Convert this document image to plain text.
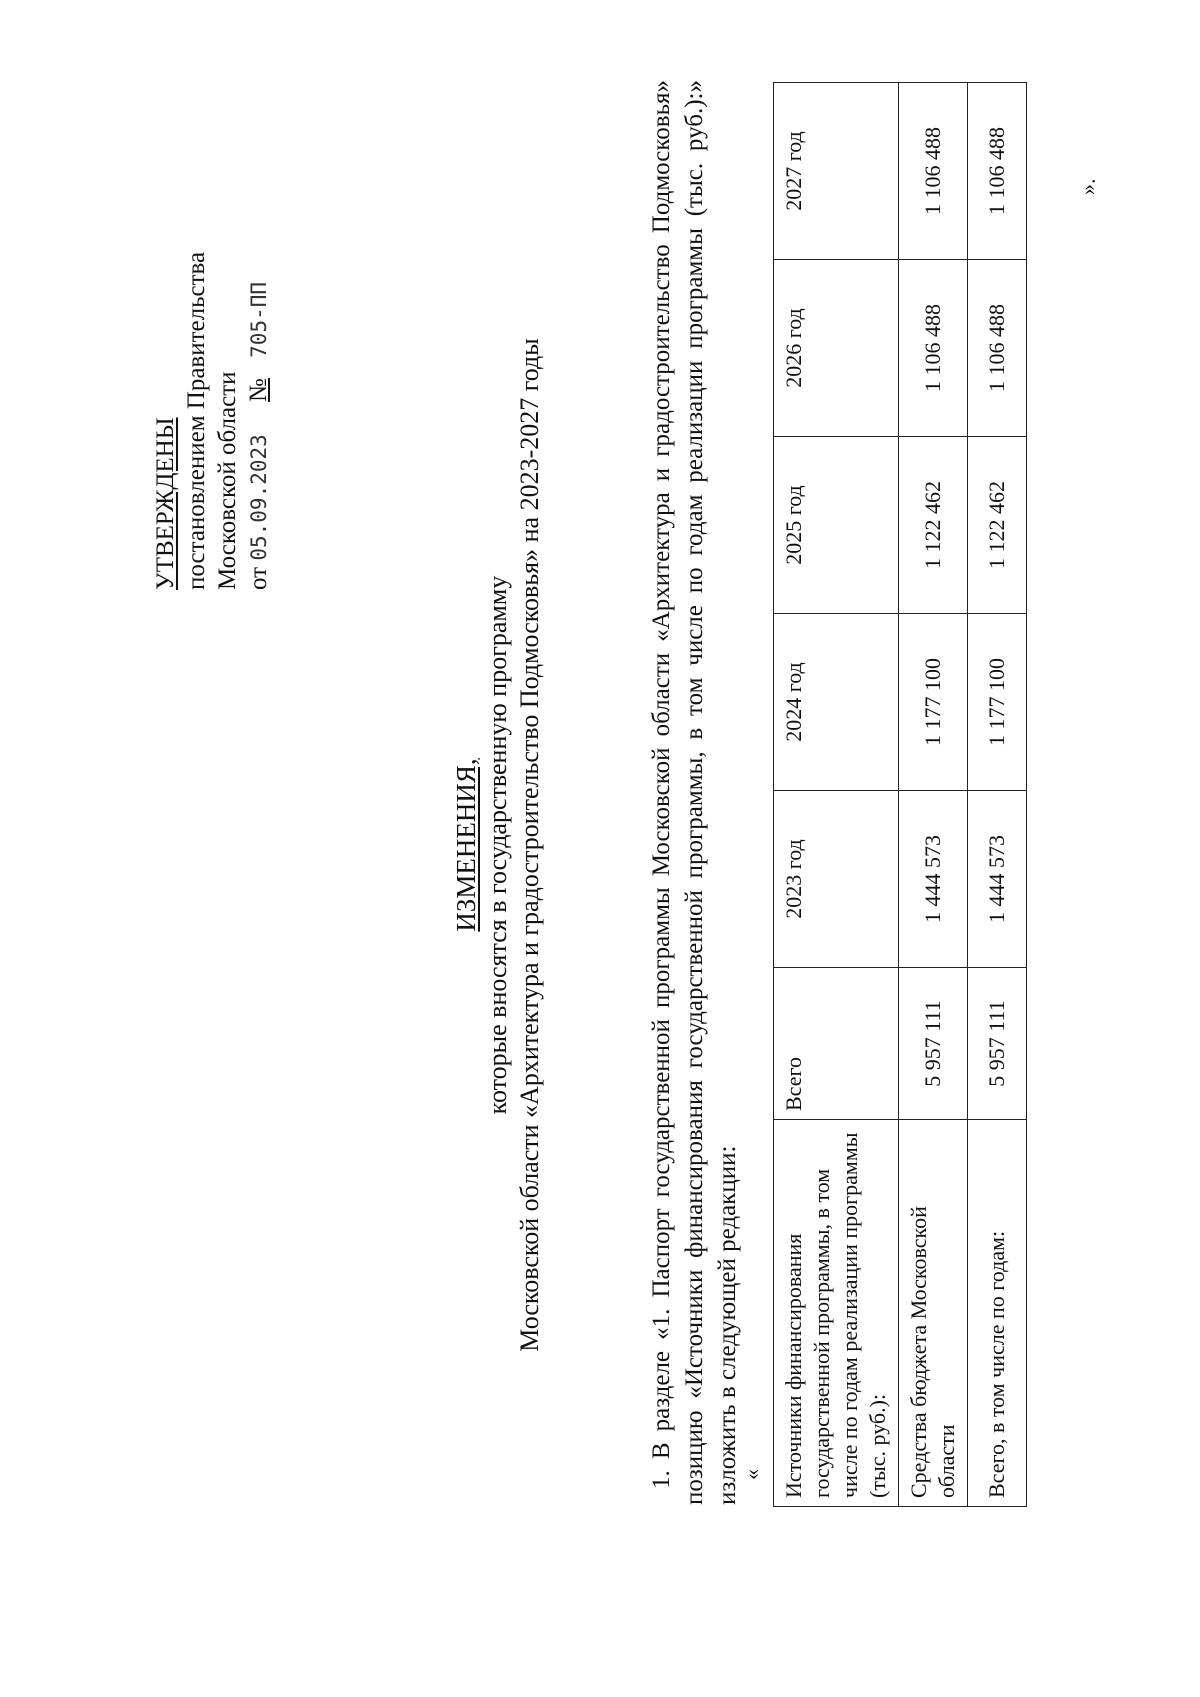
УТВЕРЖДЕНЫ постановлением Правительства Московской области от 05.09.2023 № 705-ПП
ИЗМЕНЕНИЯ, которые вносятся в государственную программу Московской области «Архитектура и градостроительство Подмосковья» на 2023-2027 годы	1. В разделе «1. Паспорт государственной программы Московской области «Архитектура и градостроительство Подмосковья» позицию «Источники финансирования государственной программы, в том числе по годам реализации программы (тыс. руб.):» изложить в следующей редакции:
« Источники финансирования государственной программы, в том числе по годам реализации программы (тыс. руб.):	Всего	2023 год	2024 год	2025 год	2026 год	2027 год
Средства бюджета Московской области	5 957 111	1 444 573	1 177 100	1 122 462	1 106 488	1 106 488
Всего, в том числе по годам:	5 957 111	1 444 573	1 177 100	1 122 462	1 106 488	1 106 488	».
